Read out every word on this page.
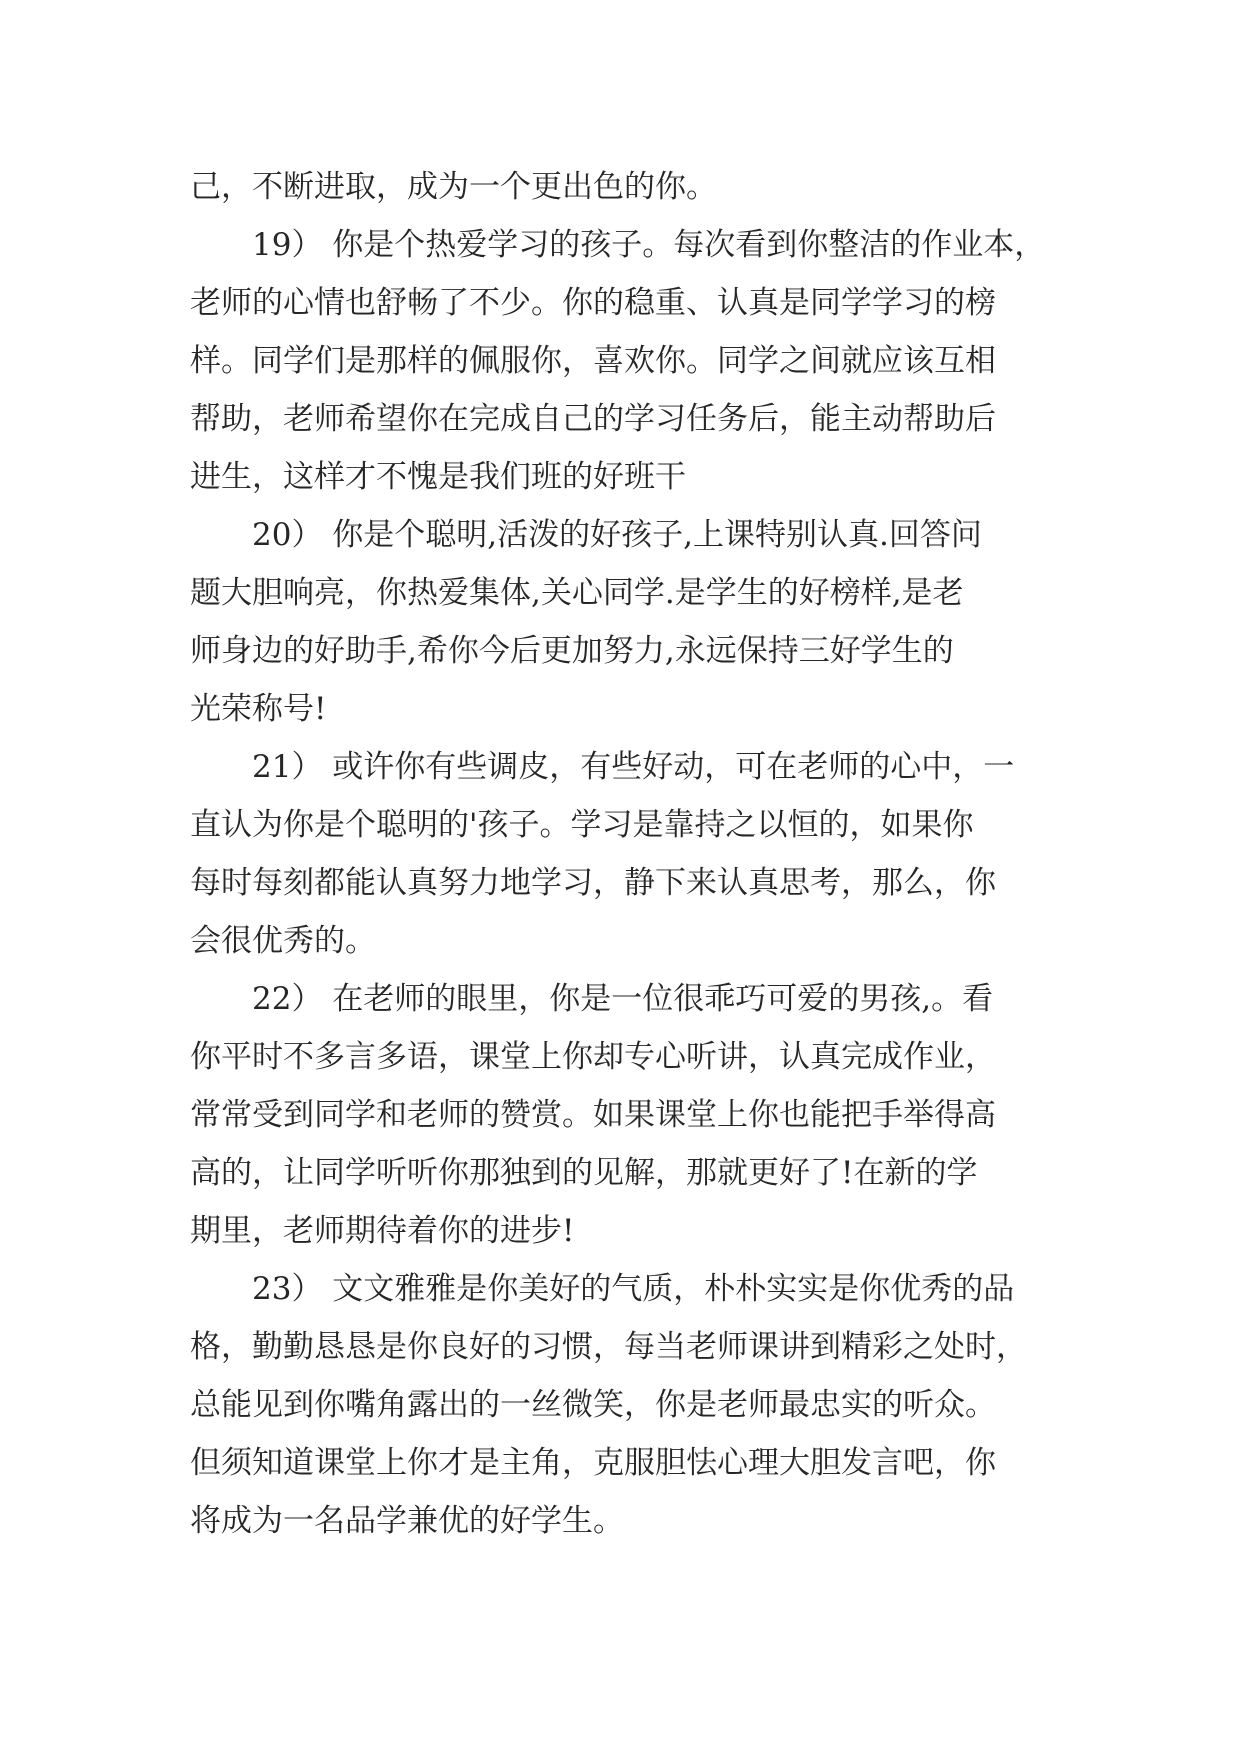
己，不断进取，成为一个更出色的你。
19） 你是个热爱学习的孩子。每次看到你整洁的作业本，
老师的心情也舒畅了不少。你的稳重、认真是同学学习的榜
样。同学们是那样的佩服你，喜欢你。同学之间就应该互相
帮助，老师希望你在完成自己的学习任务后，能主动帮助后
进生，这样才不愧是我们班的好班干
20） 你是个聪明,活泼的好孩子,上课特别认真.回答问
题大胆响亮，你热爱集体,关心同学.是学生的好榜样,是老
师身边的好助手,希你今后更加努力,永远保持三好学生的
光荣称号!
21） 或许你有些调皮，有些好动，可在老师的心中，一
直认为你是个聪明的'孩子。学习是靠持之以恒的，如果你
每时每刻都能认真努力地学习，静下来认真思考，那么，你
会很优秀的。
22） 在老师的眼里，你是一位很乖巧可爱的男孩,。看
你平时不多言多语，课堂上你却专心听讲，认真完成作业，
常常受到同学和老师的赞赏。如果课堂上你也能把手举得高
高的，让同学听听你那独到的见解，那就更好了!在新的学
期里，老师期待着你的进步!
23） 文文雅雅是你美好的气质，朴朴实实是你优秀的品
格，勤勤恳恳是你良好的习惯，每当老师课讲到精彩之处时，
总能见到你嘴角露出的一丝微笑，你是老师最忠实的听众。
但须知道课堂上你才是主角，克服胆怯心理大胆发言吧，你
将成为一名品学兼优的好学生。
